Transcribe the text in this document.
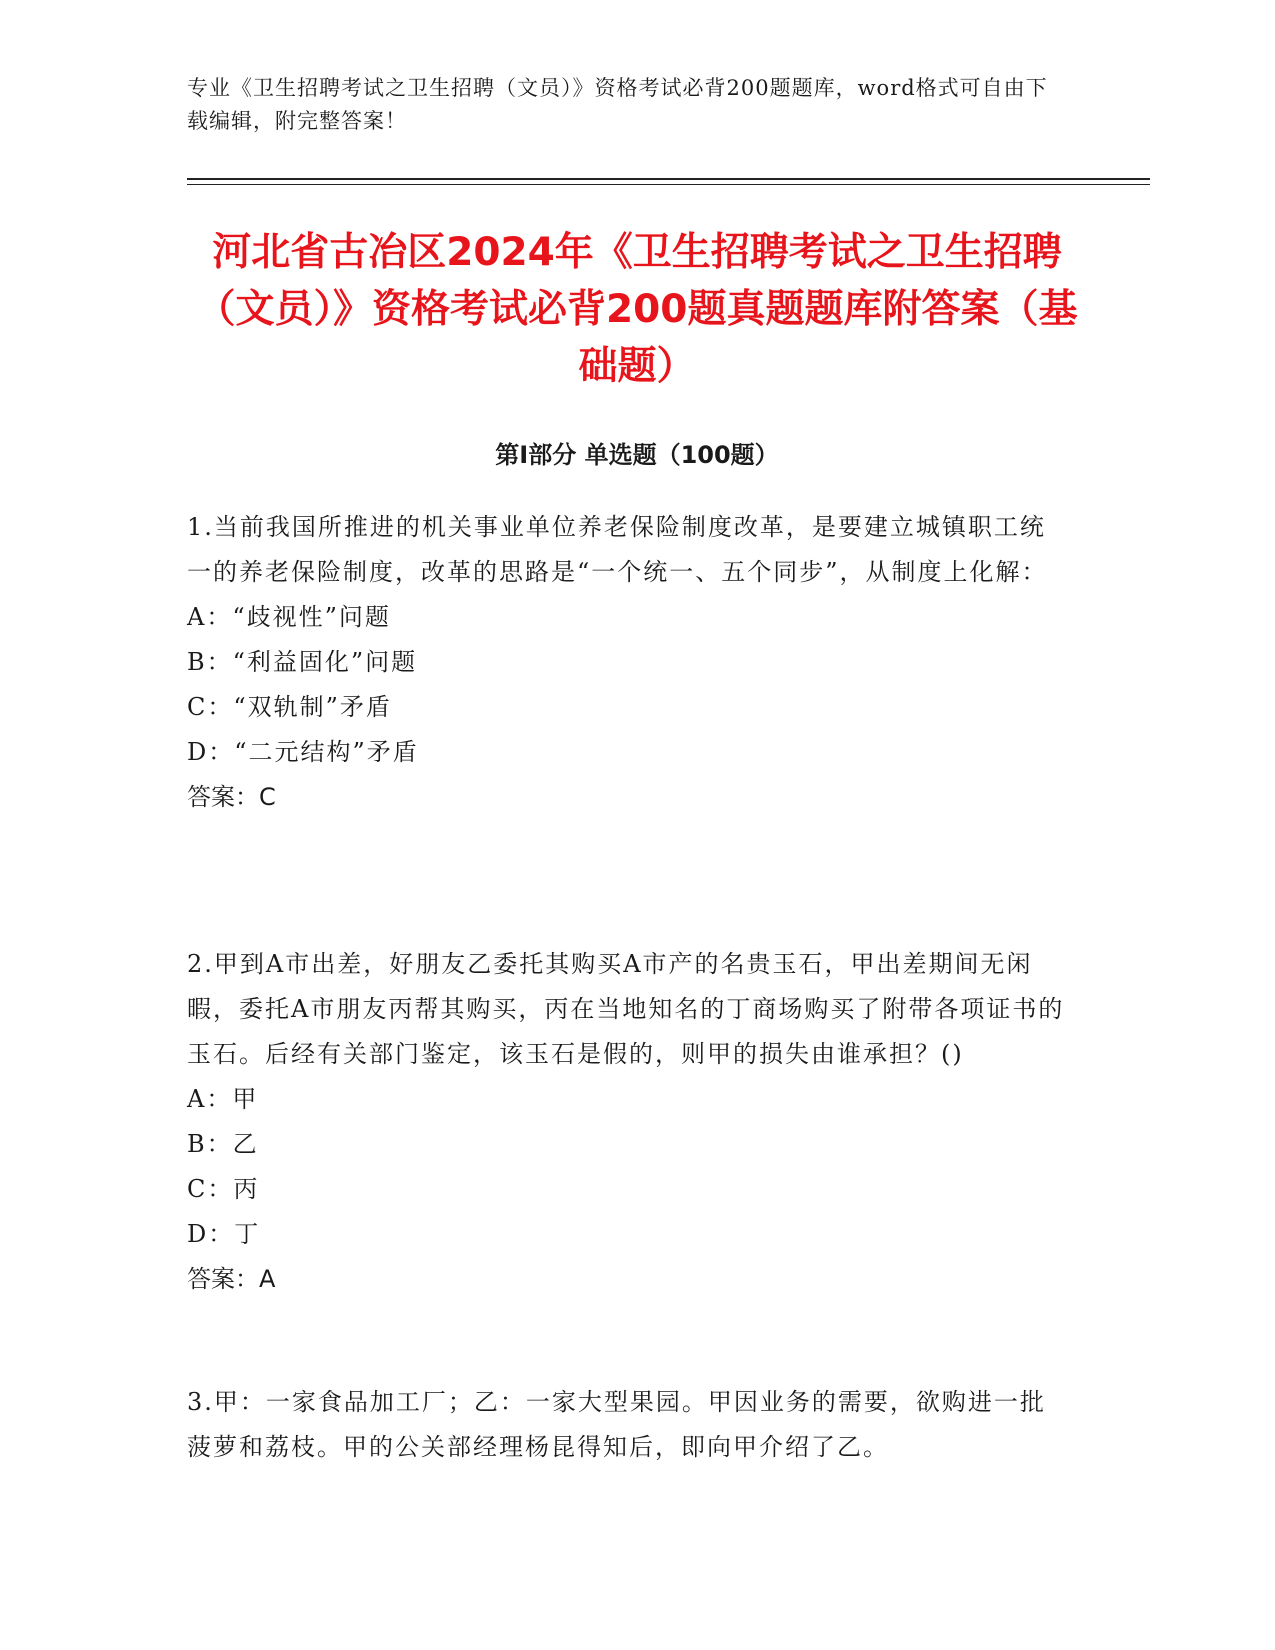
专业《卫生招聘考试之卫生招聘（文员）》资格考试必背200题题库，word格式可自由下载编辑，附完整答案！
河北省古冶区2024年《卫生招聘考试之卫生招聘（文员）》资格考试必背200题真题题库附答案（基础题）
第Ⅰ部分 单选题（100题）
1.当前我国所推进的机关事业单位养老保险制度改革，是要建立城镇职工统一的养老保险制度，改革的思路是“一个统一、五个同步”，从制度上化解：
A：“歧视性”问题
B：“利益固化”问题
C：“双轨制”矛盾
D：“二元结构”矛盾
答案：C
2.甲到A市出差，好朋友乙委托其购买A市产的名贵玉石，甲出差期间无闲暇，委托A市朋友丙帮其购买，丙在当地知名的丁商场购买了附带各项证书的玉石。后经有关部门鉴定，该玉石是假的，则甲的损失由谁承担？()
A：甲
B：乙
C：丙
D：丁
答案：A
3.甲：一家食品加工厂；乙：一家大型果园。甲因业务的需要，欲购进一批菠萝和荔枝。甲的公关部经理杨昆得知后，即向甲介绍了乙。
